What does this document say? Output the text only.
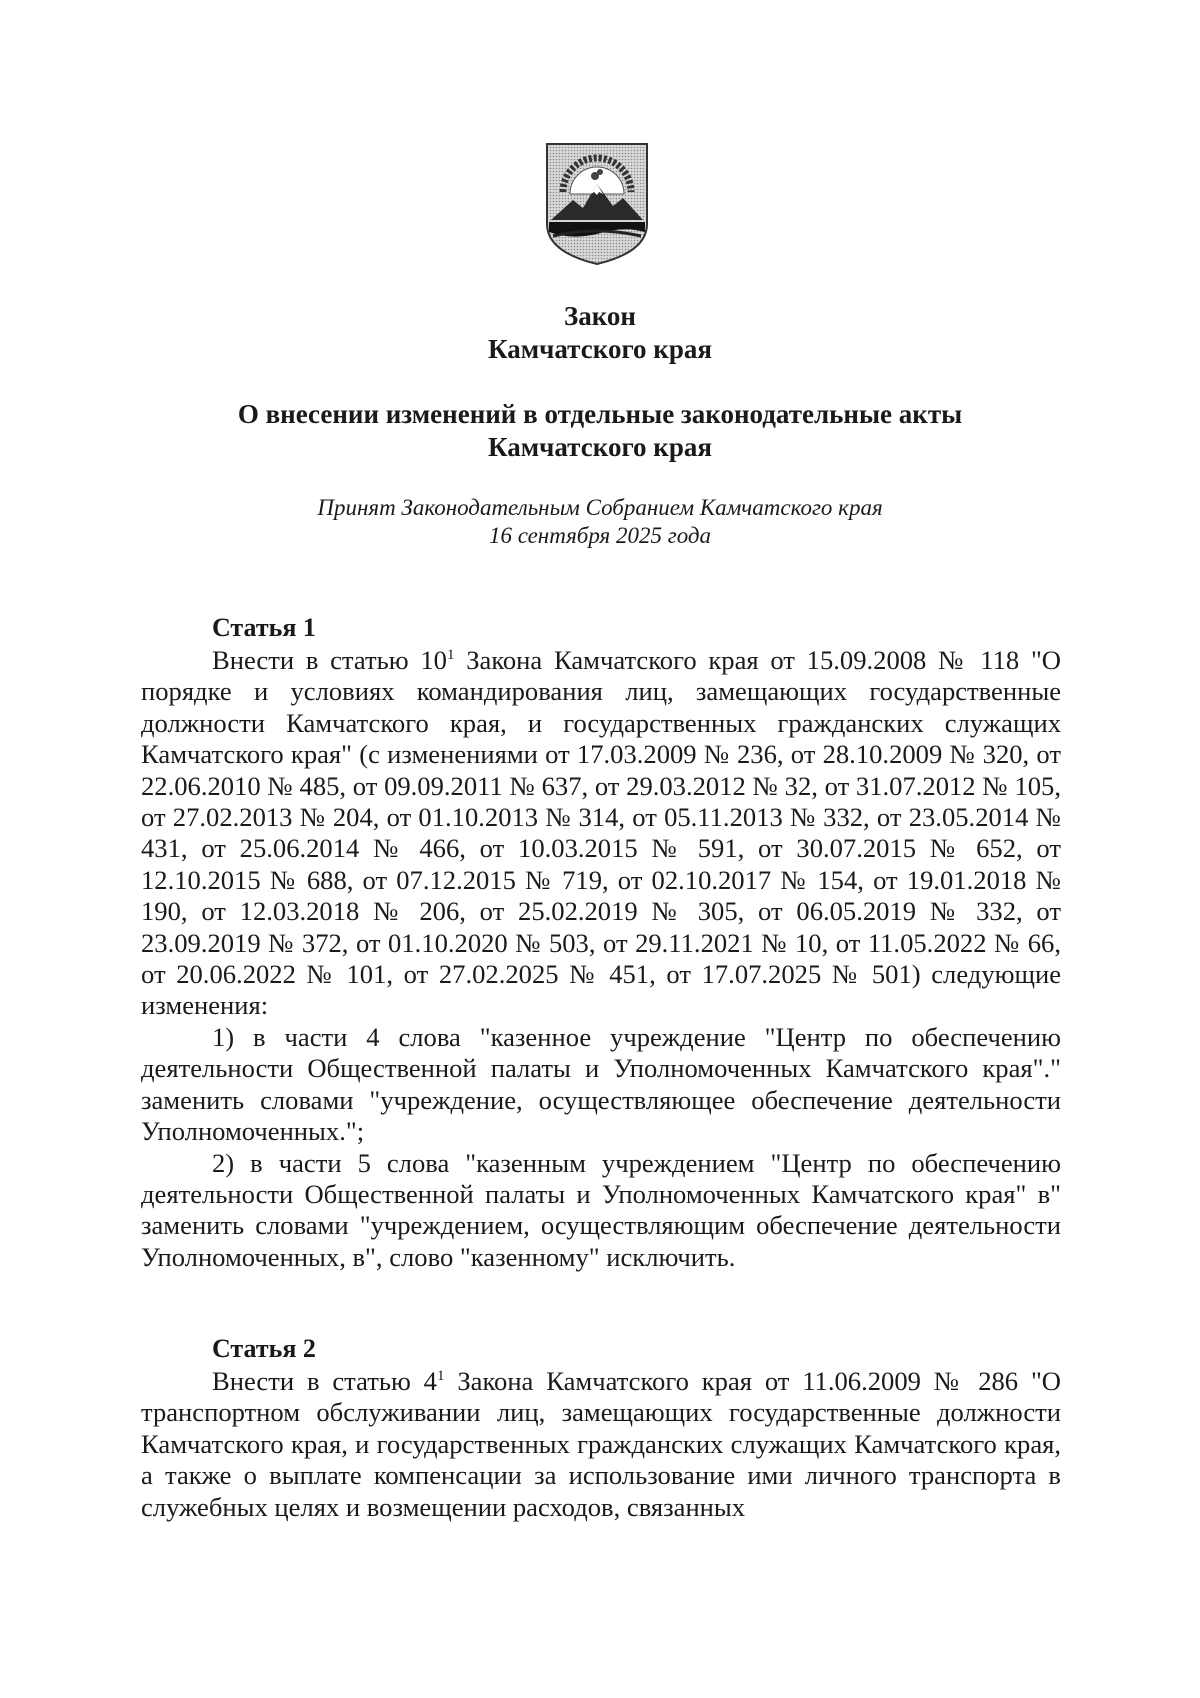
Закон
Камчатского края
О внесении изменений в отдельные законодательные акты
Камчатского края
Принят Законодательным Собранием Камчатского края
16 сентября 2025 года
Статья 1

Внести в статью $10^1$ Закона Камчатского края от 15.09.2008 № 118 "О порядке и условиях командирования лиц, замещающих государственные должности Камчатского края, и государственных гражданских служащих Камчатского края" (с изменениями от 17.03.2009 № 236, от 28.10.2009 № 320, от 22.06.2010 № 485, от 09.09.2011 № 637, от 29.03.2012 № 32, от 31.07.2012 № 105, от 27.02.2013 № 204, от 01.10.2013 № 314, от 05.11.2013 № 332, от 23.05.2014 № 431, от 25.06.2014 № 466, от 10.03.2015 № 591, от 30.07.2015 № 652, от 12.10.2015 № 688, от 07.12.2015 № 719, от 02.10.2017 № 154, от 19.01.2018 № 190, от 12.03.2018 № 206, от 25.02.2019 № 305, от 06.05.2019 № 332, от 23.09.2019 № 372, от 01.10.2020 № 503, от 29.11.2021 № 10, от 11.05.2022 № 66, от 20.06.2022 № 101, от 27.02.2025 № 451, от 17.07.2025 № 501) следующие изменения:

1) в части 4 слова "казенное учреждение "Центр по обеспечению деятельности Общественной палаты и Уполномоченных Камчатского края"." заменить словами "учреждение, осуществляющее обеспечение деятельности Уполномоченных.";

2) в части 5 слова "казенным учреждением "Центр по обеспечению деятельности Общественной палаты и Уполномоченных Камчатского края" в" заменить словами "учреждением, осуществляющим обеспечение деятельности Уполномоченных, в", слово "казенному" исключить.

Статья 2

Внести в статью $4^1$ Закона Камчатского края от 11.06.2009 № 286 "О транспортном обслуживании лиц, замещающих государственные должности Камчатского края, и государственных гражданских служащих Камчатского края, а также о выплате компенсации за использование ими личного транспорта в служебных целях и возмещении расходов, связанных
